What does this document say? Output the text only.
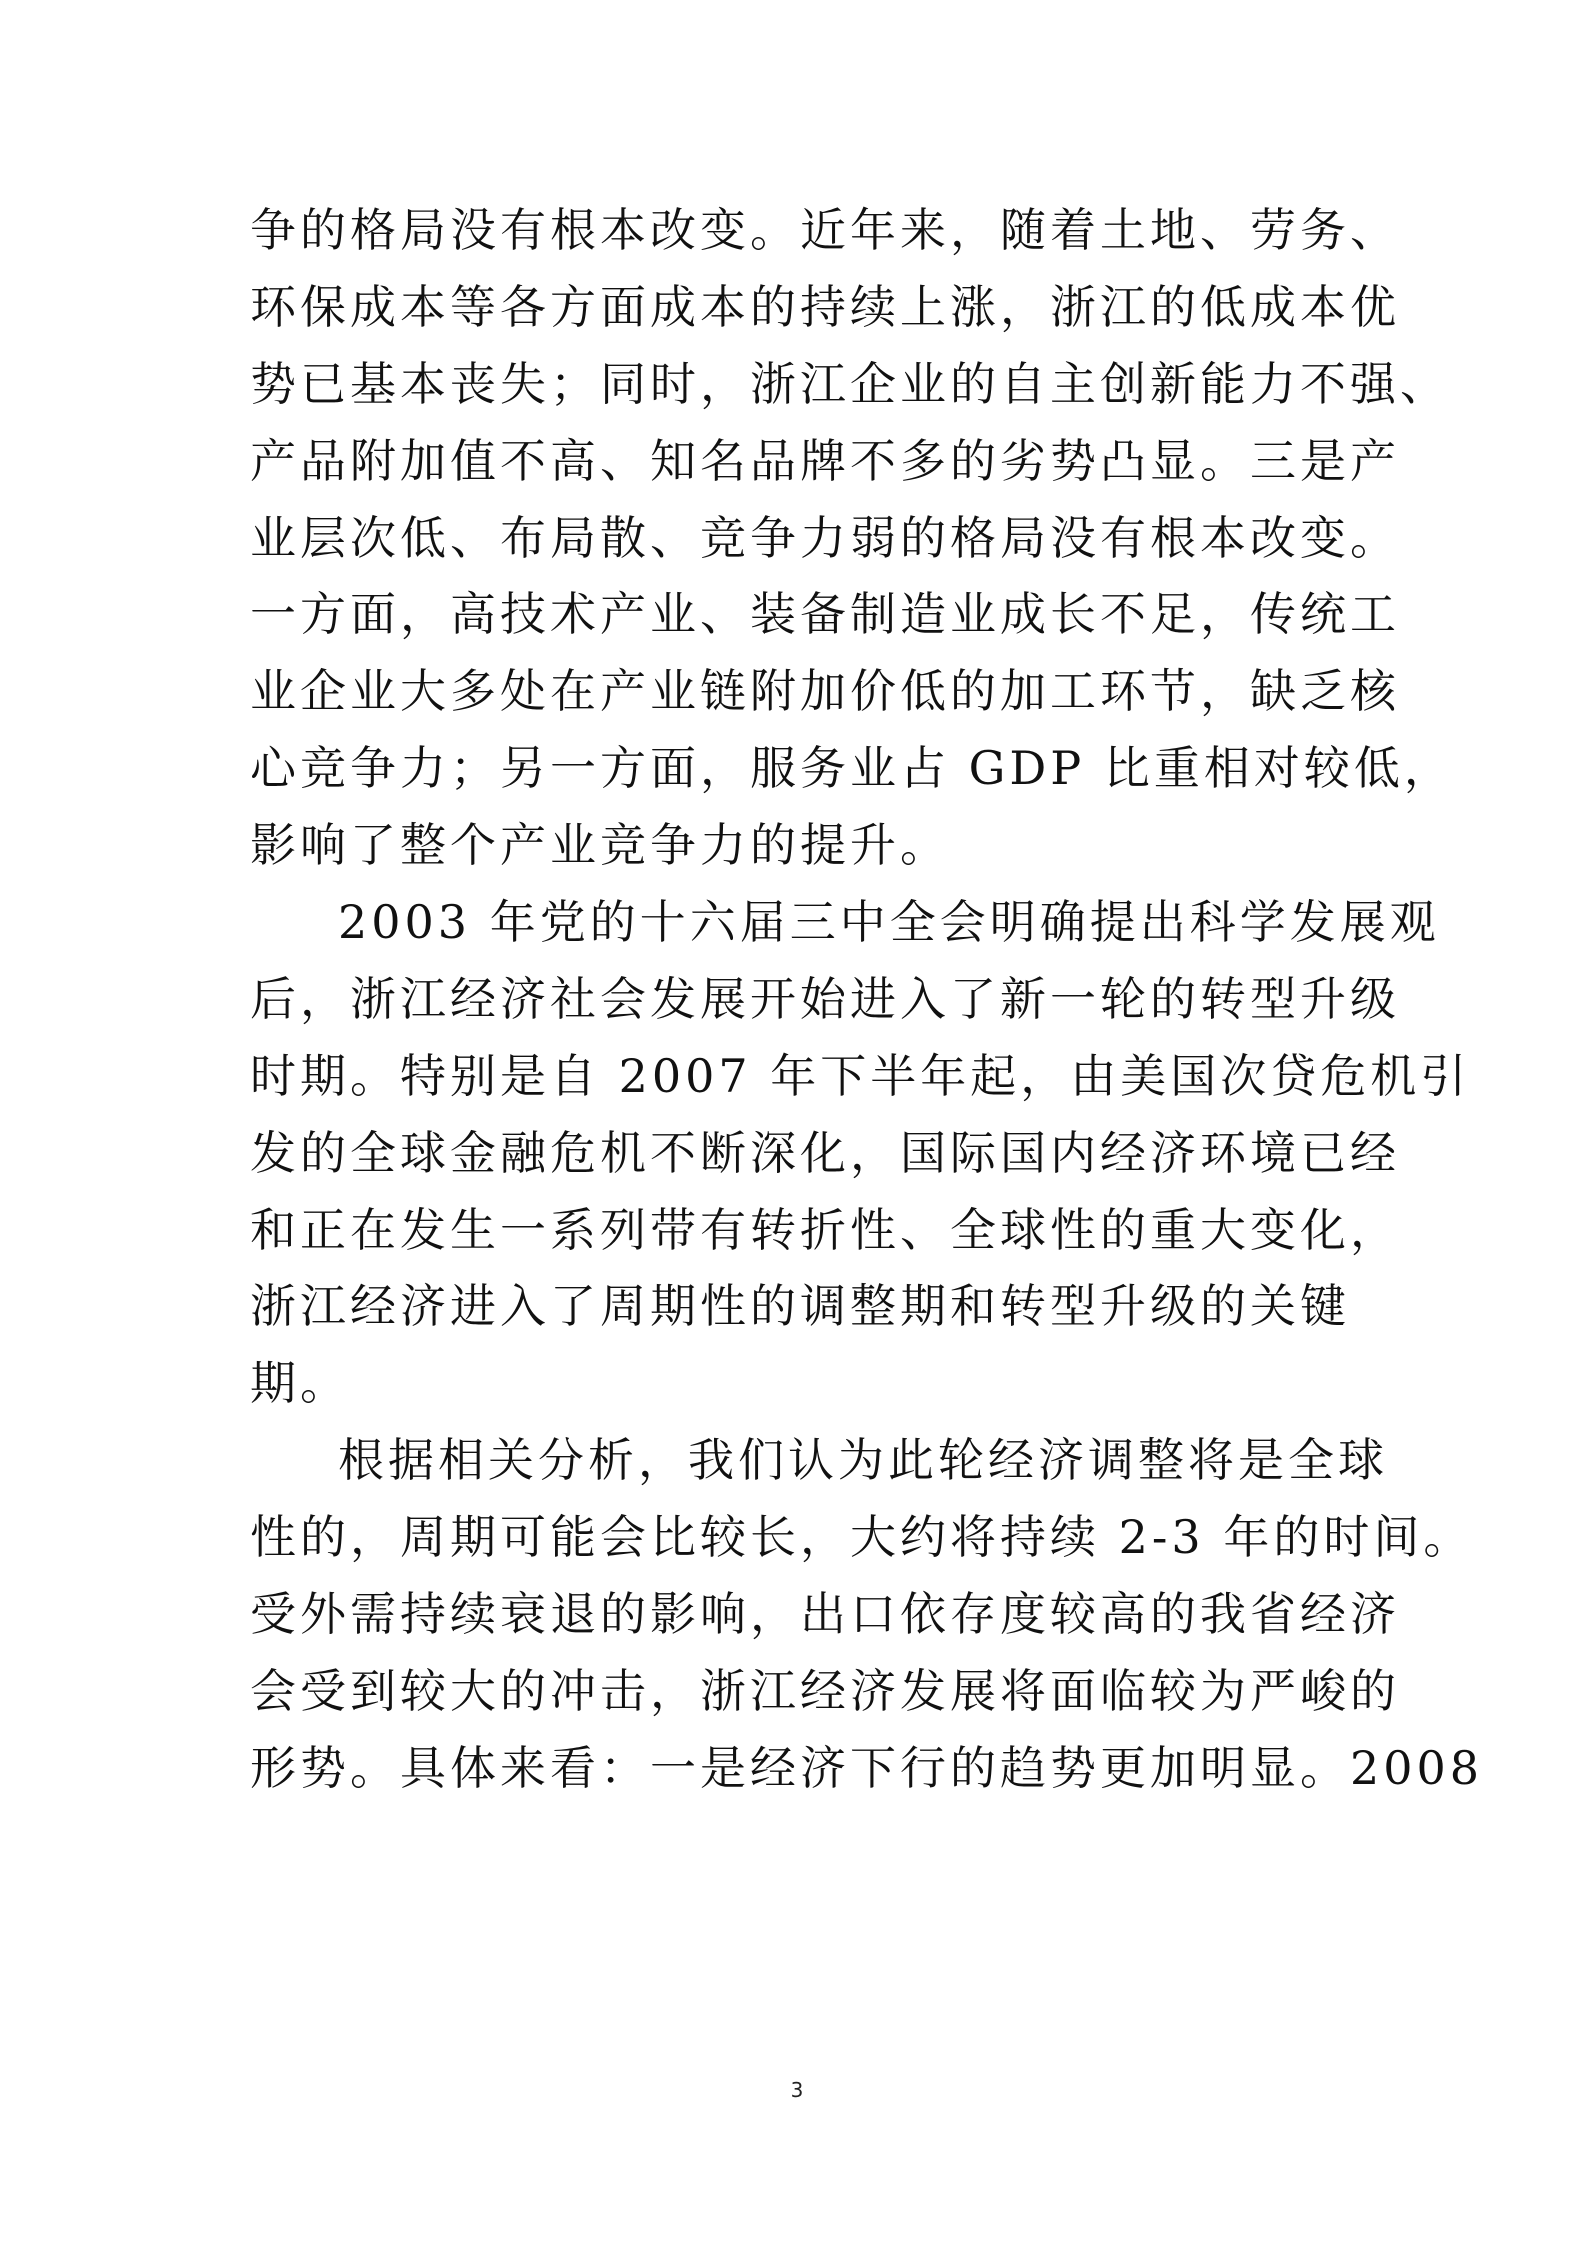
争的格局没有根本改变。近年来，随着土地、劳务、
环保成本等各方面成本的持续上涨，浙江的低成本优
势已基本丧失；同时，浙江企业的自主创新能力不强、
产品附加值不高、知名品牌不多的劣势凸显。三是产
业层次低、布局散、竞争力弱的格局没有根本改变。
一方面，高技术产业、装备制造业成长不足，传统工
业企业大多处在产业链附加价低的加工环节，缺乏核
心竞争力；另一方面，服务业占 GDP 比重相对较低，
影响了整个产业竞争力的提升。
2003 年党的十六届三中全会明确提出科学发展观
后，浙江经济社会发展开始进入了新一轮的转型升级
时期。特别是自 2007 年下半年起，由美国次贷危机引
发的全球金融危机不断深化，国际国内经济环境已经
和正在发生一系列带有转折性、全球性的重大变化，
浙江经济进入了周期性的调整期和转型升级的关键
期。
根据相关分析，我们认为此轮经济调整将是全球
性的，周期可能会比较长，大约将持续 2-3 年的时间。
受外需持续衰退的影响，出口依存度较高的我省经济
会受到较大的冲击，浙江经济发展将面临较为严峻的
形势。具体来看：一是经济下行的趋势更加明显。2008
3
